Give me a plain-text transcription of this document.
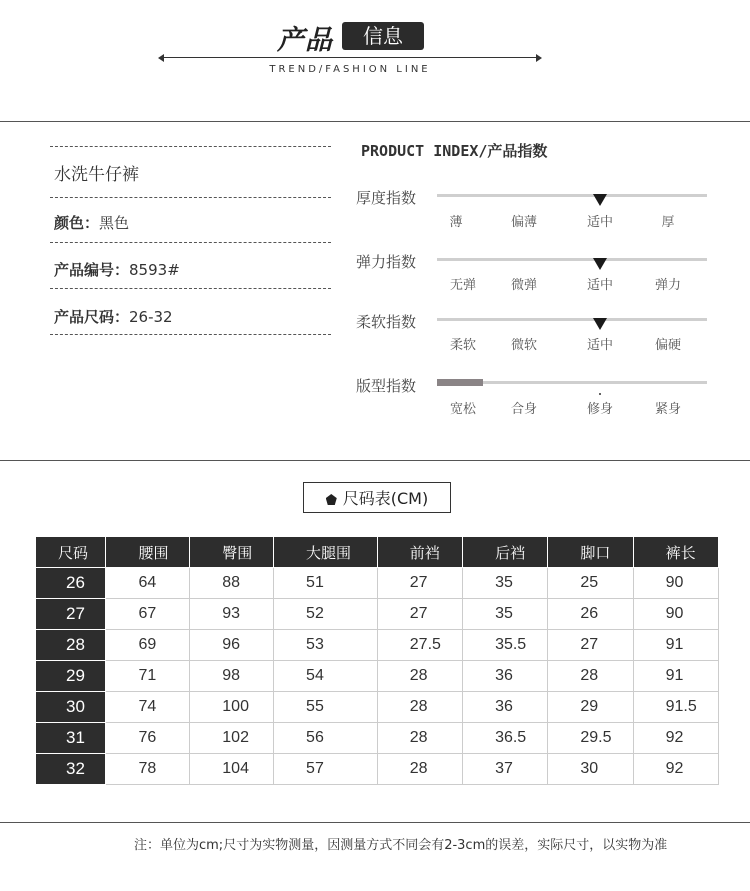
产品	信息
TREND/FASHION LINE
水洗牛仔裤
颜色：黑色
产品编号：8593#
产品尺码：26-32
PRODUCT INDEX/产品指数
厚度指数
薄	偏薄	适中	厚
弹力指数
无弹	微弹	适中	弹力
柔软指数
柔软	微软	适中	偏硬
版型指数
宽松	合身	修身	紧身
尺码表(CM)
尺码	腰围	臀围	大腿围	前裆	后裆	脚口	裤长
26	64	88	51	27	35	25	90
27	67	93	52	27	35	26	90
28	69	96	53	27.5	35.5	27	91
29	71	98	54	28	36	28	91
30	74	100	55	28	36	29	91.5
31	76	102	56	28	36.5	29.5	92
32	78	104	57	28	37	30	92
注：单位为cm;尺寸为实物测量，因测量方式不同会有2-3cm的误差，实际尺寸，以实物为准
